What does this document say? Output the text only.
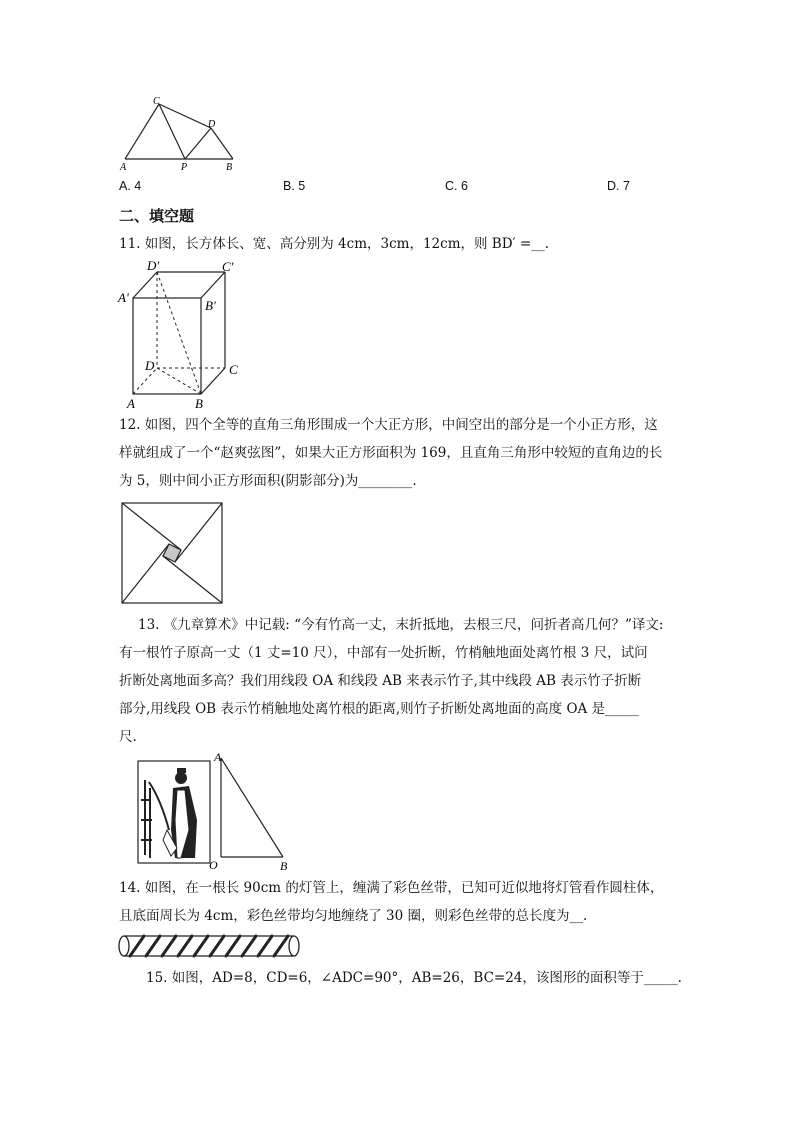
C
D
A	P	B
A. 4	B. 5	C. 6	D. 7
二、填空题
11. 如图，长方体长、宽、高分别为 4cm，3cm，12cm，则 BD′ =__.
D′	C′
A′
B′
D	C
A	B
12. 如图，四个全等的直角三角形围成一个大正方形，中间空出的部分是一个小正方形，这
样就组成了一个“赵爽弦图”，如果大正方形面积为 169，且直角三角形中较短的直角边的长
为 5，则中间小正方形面积(阴影部分)为________.
13. 《九章算术》中记载: “今有竹高一丈，末折抵地，去根三尺，问折者高几何？”译文:
有一根竹子原高一丈（1 丈=10 尺），中部有一处折断，竹梢触地面处离竹根 3 尺，试问
折断处离地面多高？我们用线段 OA 和线段 AB 来表示竹子,其中线段 AB 表示竹子折断
部分,用线段 OB 表示竹梢触地处离竹根的距离,则竹子折断处离地面的高度 OA 是_____
尺.
A
O	B
14. 如图，在一根长 90cm 的灯管上，缠满了彩色丝带，已知可近似地将灯管看作圆柱体，
且底面周长为 4cm，彩色丝带均匀地缠绕了 30 圈，则彩色丝带的总长度为__.
15. 如图，AD=8，CD=6，∠ADC=90°，AB=26，BC=24，该图形的面积等于_____.
